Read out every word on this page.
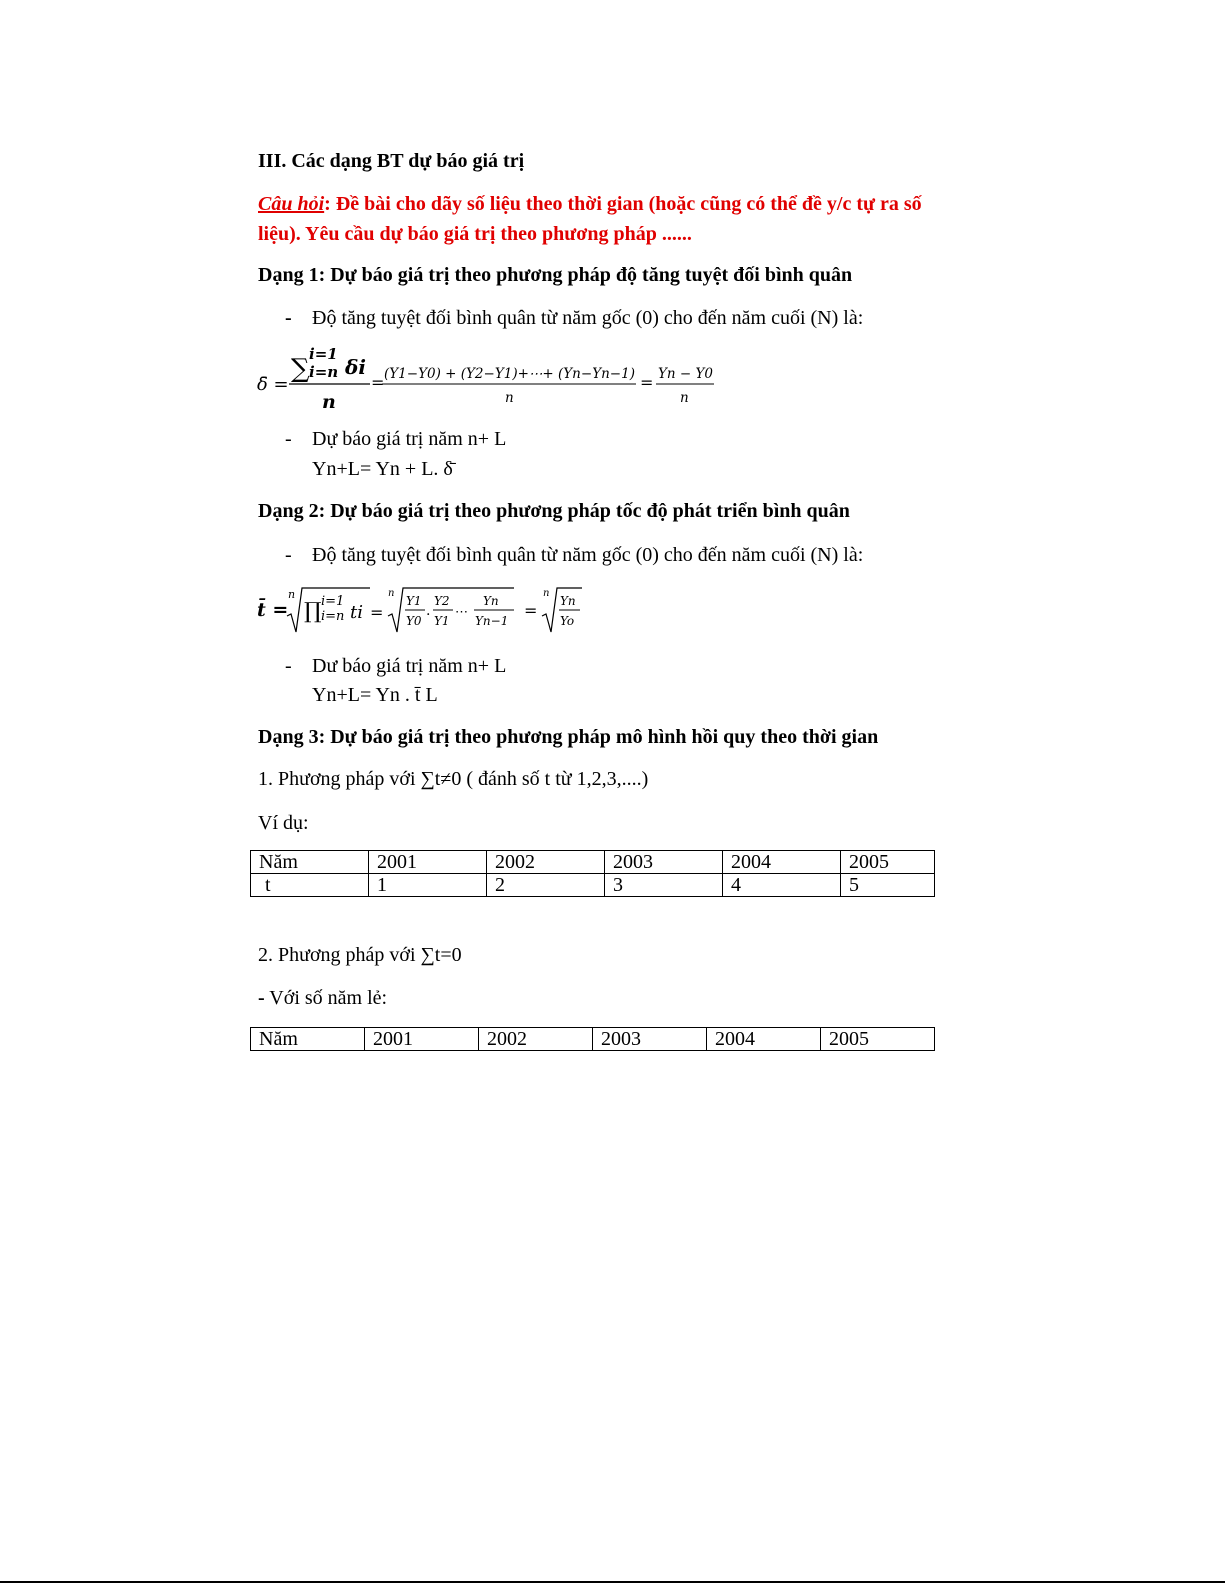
III. Các dạng BT dự báo giá trị
Câu hỏi: Đề bài cho dãy số liệu theo thời gian (hoặc cũng có thể đề y/c tự ra số
liệu). Yêu cầu dự báo giá trị theo phương pháp ......
Dạng 1: Dự báo giá trị theo phương pháp độ tăng tuyệt đối bình quân
- Độ tăng tuyệt đối bình quân từ năm gốc (0) cho đến năm cuối (N) là:
δ̄ =
∑ i=1
i=n δi
n
= (Y1−Y0) + (Y2−Y1)+⋯+ (Yn−Yn−1)
n
= Yn − Y0
n
- Dự báo giá trị năm n+ L
Yn+L= Yn + L. δ̄
Dạng 2: Dự báo giá trị theo phương pháp tốc độ phát triển bình quân
- Độ tăng tuyệt đối bình quân từ năm gốc (0) cho đến năm cuối (N) là:
t̄ =
n
∏ i=1
i=n ti =
n
Y1
Y0
.
Y2
Y1
⋯
Yn
Yn−1
=
n
Yn
Yo
- Dư báo giá trị năm n+ L
Yn+L= Yn . t̄ L
Dạng 3: Dự báo giá trị theo phương pháp mô hình hồi quy theo thời gian
1. Phương pháp với ∑t≠0 ( đánh số t từ 1,2,3,....)
Ví dụ:
Năm	2001	2002	2003	2004	2005
t	1	2	3	4	5
2. Phương pháp với ∑t=0
- Với số năm lẻ:
Năm	2001	2002	2003	2004	2005
